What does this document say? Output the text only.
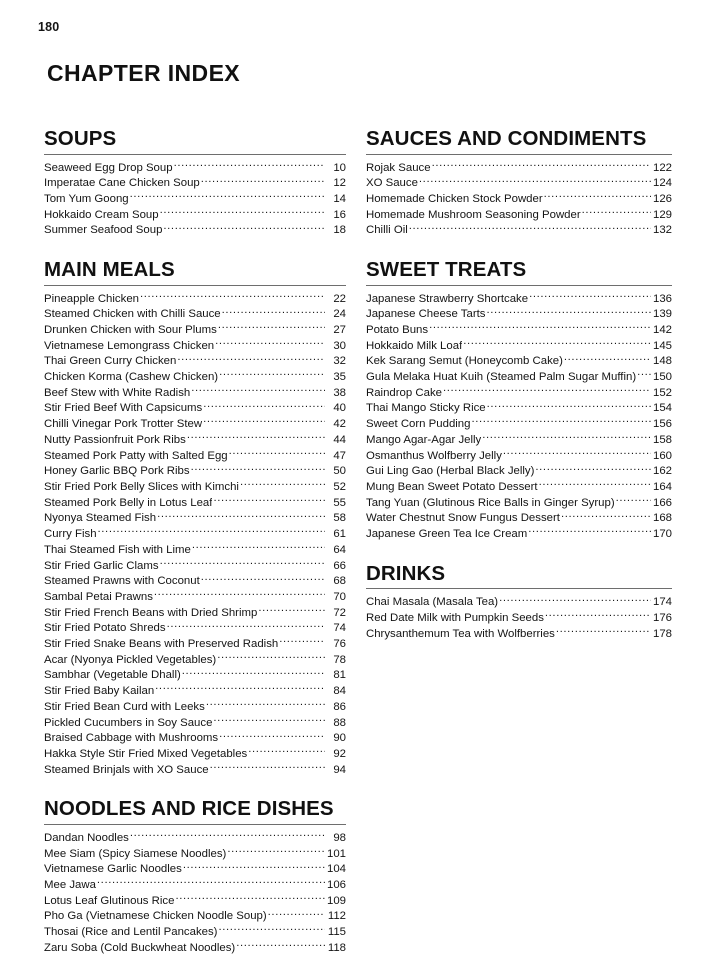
180
CHAPTER INDEX
SOUPS
Seaweed Egg Drop Soup .....	10
Imperatae Cane Chicken Soup .....	12
Tom Yum Goong .....	14
Hokkaido Cream Soup .....	16
Summer Seafood Soup .....	18
MAIN MEALS
Pineapple Chicken .....	22
Steamed Chicken with Chilli Sauce .....	24
Drunken Chicken with Sour Plums .....	27
Vietnamese Lemongrass Chicken .....	30
Thai Green Curry Chicken .....	32
Chicken Korma (Cashew Chicken) .....	35
Beef Stew with White Radish .....	38
Stir Fried Beef With Capsicums .....	40
Chilli Vinegar Pork Trotter Stew .....	42
Nutty Passionfruit Pork Ribs .....	44
Steamed Pork Patty with Salted Egg .....	47
Honey Garlic BBQ Pork Ribs .....	50
Stir Fried Pork Belly Slices with Kimchi .....	52
Steamed Pork Belly in Lotus Leaf .....	55
Nyonya Steamed Fish .....	58
Curry Fish .....	61
Thai Steamed Fish with Lime .....	64
Stir Fried Garlic Clams .....	66
Steamed Prawns with Coconut .....	68
Sambal Petai Prawns .....	70
Stir Fried French Beans with Dried Shrimp .....	72
Stir Fried Potato Shreds .....	74
Stir Fried Snake Beans with Preserved Radish .....	76
Acar (Nyonya Pickled Vegetables) .....	78
Sambhar (Vegetable Dhall) .....	81
Stir Fried Baby Kailan .....	84
Stir Fried Bean Curd with Leeks .....	86
Pickled Cucumbers in Soy Sauce .....	88
Braised Cabbage with Mushrooms .....	90
Hakka Style Stir Fried Mixed Vegetables .....	92
Steamed Brinjals with XO Sauce .....	94
NOODLES AND RICE DISHES
Dandan Noodles .....	98
Mee Siam (Spicy Siamese Noodles) .....	101
Vietnamese Garlic Noodles .....	104
Mee Jawa .....	106
Lotus Leaf Glutinous Rice .....	109
Pho Ga (Vietnamese Chicken Noodle Soup) .....	112
Thosai (Rice and Lentil Pancakes) .....	115
Zaru Soba (Cold Buckwheat Noodles) .....	118
SAUCES AND CONDIMENTS
Rojak Sauce .....	122
XO Sauce .....	124
Homemade Chicken Stock Powder .....	126
Homemade Mushroom Seasoning Powder .....	129
Chilli Oil .....	132
SWEET TREATS
Japanese Strawberry Shortcake .....	136
Japanese Cheese Tarts .....	139
Potato Buns .....	142
Hokkaido Milk Loaf .....	145
Kek Sarang Semut (Honeycomb Cake) .....	148
Gula Melaka Huat Kuih (Steamed Palm Sugar Muffin) ..... 150
Raindrop Cake .....	152
Thai Mango Sticky Rice .....	154
Sweet Corn Pudding .....	156
Mango Agar-Agar Jelly .....	158
Osmanthus Wolfberry Jelly .....	160
Gui Ling Gao (Herbal Black Jelly) .....	162
Mung Bean Sweet Potato Dessert .....	164
Tang Yuan (Glutinous Rice Balls in Ginger Syrup) .....	166
Water Chestnut Snow Fungus Dessert .....	168
Japanese Green Tea Ice Cream .....	170
DRINKS
Chai Masala (Masala Tea) .....	174
Red Date Milk with Pumpkin Seeds .....	176
Chrysanthemum Tea with Wolfberries .....	178
